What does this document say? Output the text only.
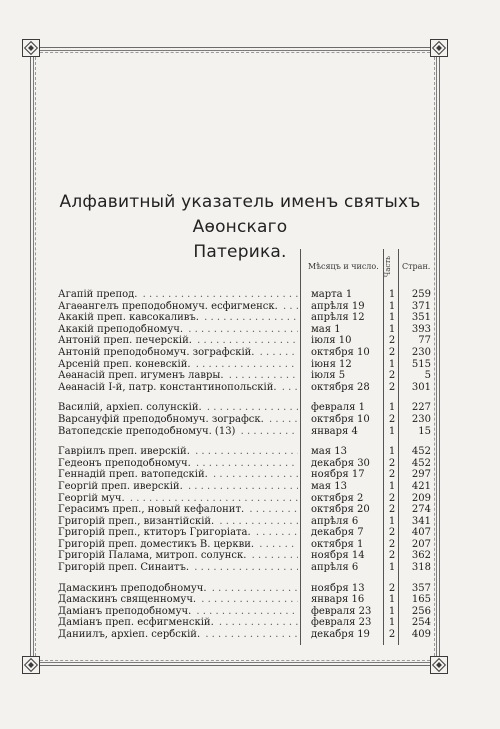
Алфавитный указатель именъ святыхъ Аѳонскаго
Патерика.
Мѣсяцъ и число. Часть Стран.
Агапiй препод. . . .	марта 1	1	259
Агаѳангелъ преподобномуч. есфигменск. . . .	апрѣля 19	1	371
Акакiй преп. кавсокаливъ. . . .	апрѣля 12	1	351
Акакiй преподобномуч. . . .	мая 1	1	393
Антонiй преп. печерскiй. . . .	iюля 10	2	77
Антонiй преподобномуч. зографскiй. . . .	октября 10	2	230
Арсенiй преп. коневскiй. . . .	iюня 12	1	515
Аѳанасiй преп. игуменъ лавры. . . .	iюля 5	2	5
Аѳанасiй I-й, патр. константинопольскiй. . . .	октября 28	2	301
Василiй, архiеп. солунскiй. . . .	февраля 1	1	227
Варсануфiй преподобномуч. зографск. . . .	октября 10	2	230
Ватопедскiе преподобномуч. (13) . . .	января 4	1	15
Гаврiилъ преп. иверскiй. . . .	мая 13	1	452
Гедеонъ преподобномуч. . . .	декабря 30	2	452
Геннадiй преп. ватопедскiй. . . .	ноября 17	2	297
Георгiй преп. иверскiй. . . .	мая 13	1	421
Георгiй муч. . . .	октября 2	2	209
Герасимъ преп., новый кефалонит. . . .	октября 20	2	274
Григорiй преп., византiйскiй. . . .	апрѣля 6	1	341
Григорiй преп., ктиторъ Григорiата. . . .	декабря 7	2	407
Григорiй преп. доместикъ В. церкви. . . .	октября 1	2	207
Григорiй Палама, митроп. солунск. . . .	ноября 14	2	362
Григорiй преп. Синаитъ. . . .	апрѣля 6	1	318
Дамаскинъ преподобномуч. . . .	ноября 13	2	357
Дамаскинъ священномуч. . . .	января 16	1	165
Дамiанъ преподобномуч. . . .	февраля 23	1	256
Дамiанъ преп. есфигменскiй. . . .	февраля 23	1	254
Даниилъ, архiеп. сербскiй. . . .	декабря 19	2	409
